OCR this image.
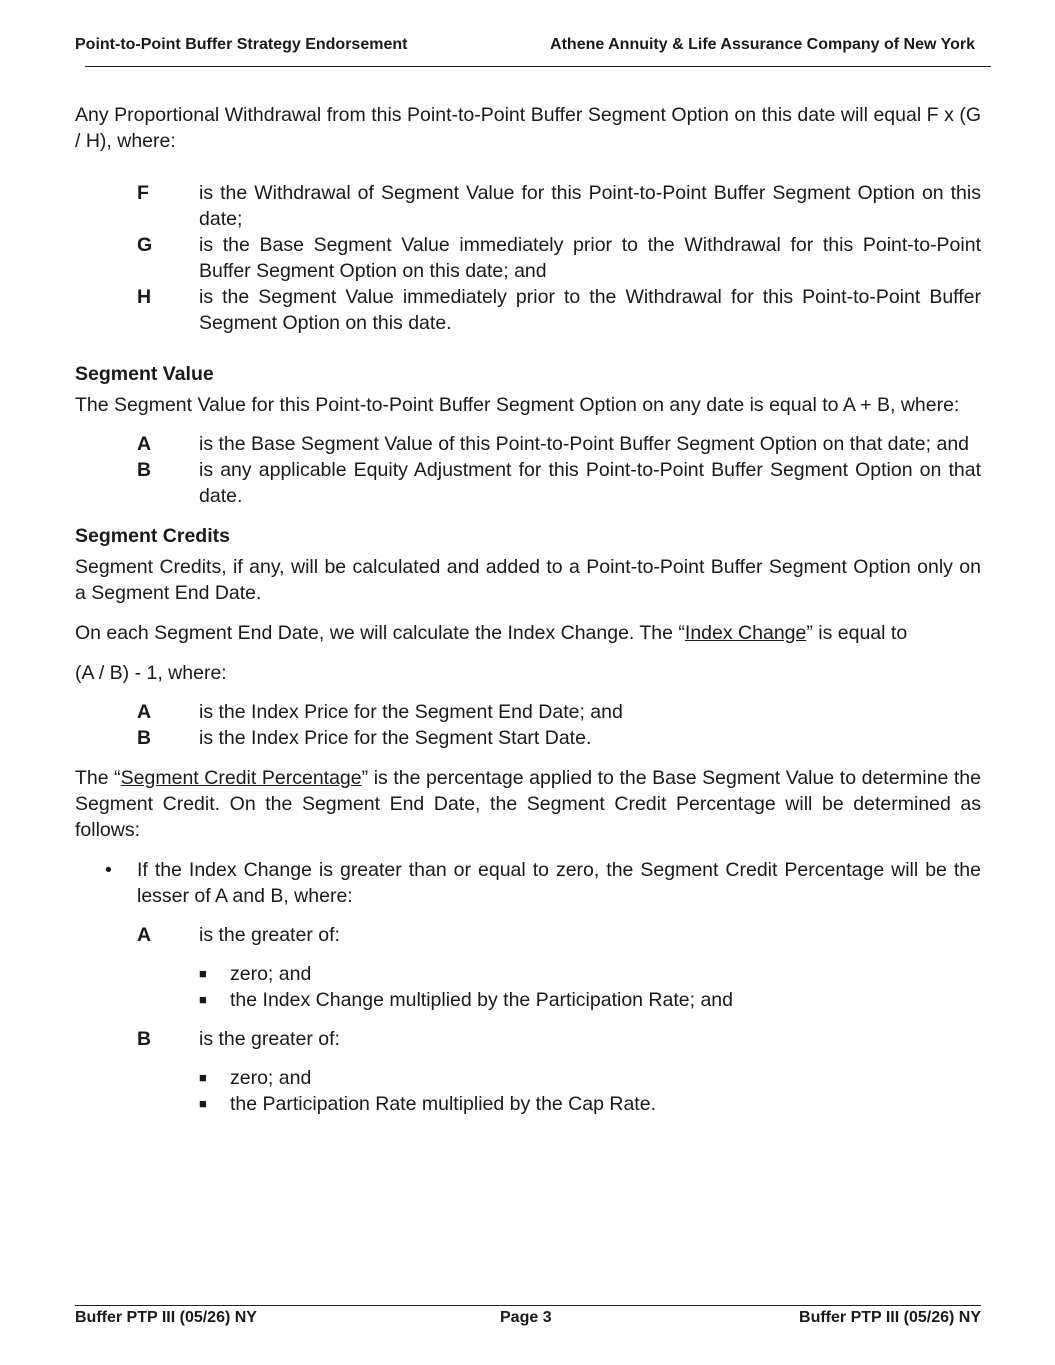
Point-to-Point Buffer Strategy Endorsement	Athene Annuity & Life Assurance Company of New York

Any Proportional Withdrawal from this Point-to-Point Buffer Segment Option on this date will equal F x (G / H), where:

F	is the Withdrawal of Segment Value for this Point-to-Point Buffer Segment Option on this date;
G	is the Base Segment Value immediately prior to the Withdrawal for this Point-to-Point Buffer Segment Option on this date; and
H	is the Segment Value immediately prior to the Withdrawal for this Point-to-Point Buffer Segment Option on this date.

Segment Value

The Segment Value for this Point-to-Point Buffer Segment Option on any date is equal to A + B, where:

A	is the Base Segment Value of this Point-to-Point Buffer Segment Option on that date; and
B	is any applicable Equity Adjustment for this Point-to-Point Buffer Segment Option on that date.

Segment Credits

Segment Credits, if any, will be calculated and added to a Point-to-Point Buffer Segment Option only on a Segment End Date.

On each Segment End Date, we will calculate the Index Change. The “Index Change” is equal to

(A / B) - 1, where:

A	is the Index Price for the Segment End Date; and
B	is the Index Price for the Segment Start Date.

The “Segment Credit Percentage” is the percentage applied to the Base Segment Value to determine the Segment Credit. On the Segment End Date, the Segment Credit Percentage will be determined as follows:

•	If the Index Change is greater than or equal to zero, the Segment Credit Percentage will be the lesser of A and B, where:
A	is the greater of:
■	zero; and
■	the Index Change multiplied by the Participation Rate; and
B	is the greater of:
■	zero; and
■	the Participation Rate multiplied by the Cap Rate.
Buffer PTP III (05/26) NY	Page 3	Buffer PTP III (05/26) NY
